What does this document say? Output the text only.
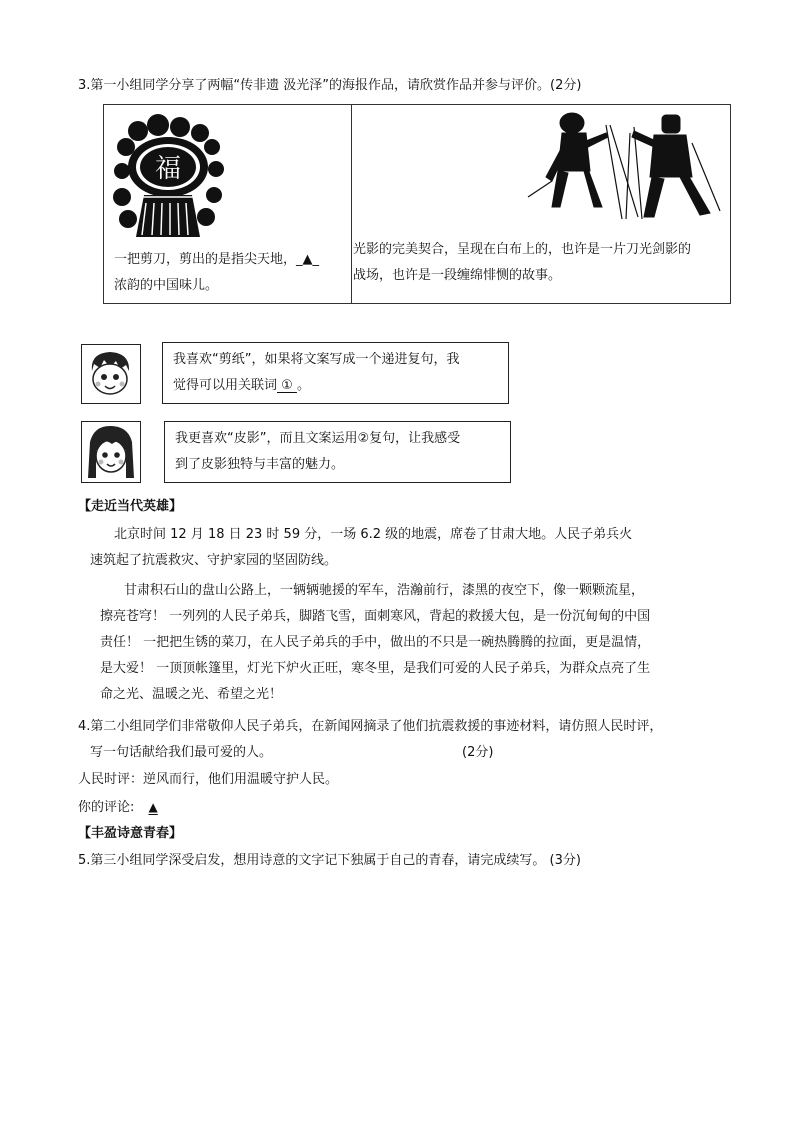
3.第一小组同学分享了两幅“传非遗 汲光泽”的海报作品，请欣赏作品并参与评价。(2分)
福
一把剪刀，剪出的是指尖天地，_▲_
浓韵的中国味儿。
光影的完美契合，呈现在白布上的，也许是一片刀光剑影的
战场，也许是一段缠绵悱恻的故事。
我喜欢“剪纸”，如果将文案写成一个递进复句，我
觉得可以用关联词 ① 。
我更喜欢“皮影”，而且文案运用②复句，让我感受
到了皮影独特与丰富的魅力。
【走近当代英雄】
北京时间 12 月 18 日 23 时 59 分，一场 6.2 级的地震，席卷了甘肃大地。人民子弟兵火
速筑起了抗震救灾、守护家园的坚固防线。
甘肃积石山的盘山公路上，一辆辆驰援的军车，浩瀚前行，漆黑的夜空下，像一颗颗流星，
擦亮苍穹！ 一列列的人民子弟兵，脚踏飞雪，面刺寒风，背起的救援大包，是一份沉甸甸的中国
责任！ 一把把生锈的菜刀，在人民子弟兵的手中，做出的不只是一碗热腾腾的拉面，更是温情，
是大爱！ 一顶顶帐篷里，灯光下炉火正旺，寒冬里，是我们可爱的人民子弟兵，为群众点亮了生
命之光、温暖之光、希望之光！
4.第二小组同学们非常敬仰人民子弟兵，在新闻网摘录了他们抗震救援的事迹材料，请仿照人民时评，
写一句话献给我们最可爱的人。	(2分)
人民时评：逆风而行，他们用温暖守护人民。
你的评论: ▲
【丰盈诗意青春】
5.第三小组同学深受启发，想用诗意的文字记下独属于自己的青春，请完成续写。 (3分)
